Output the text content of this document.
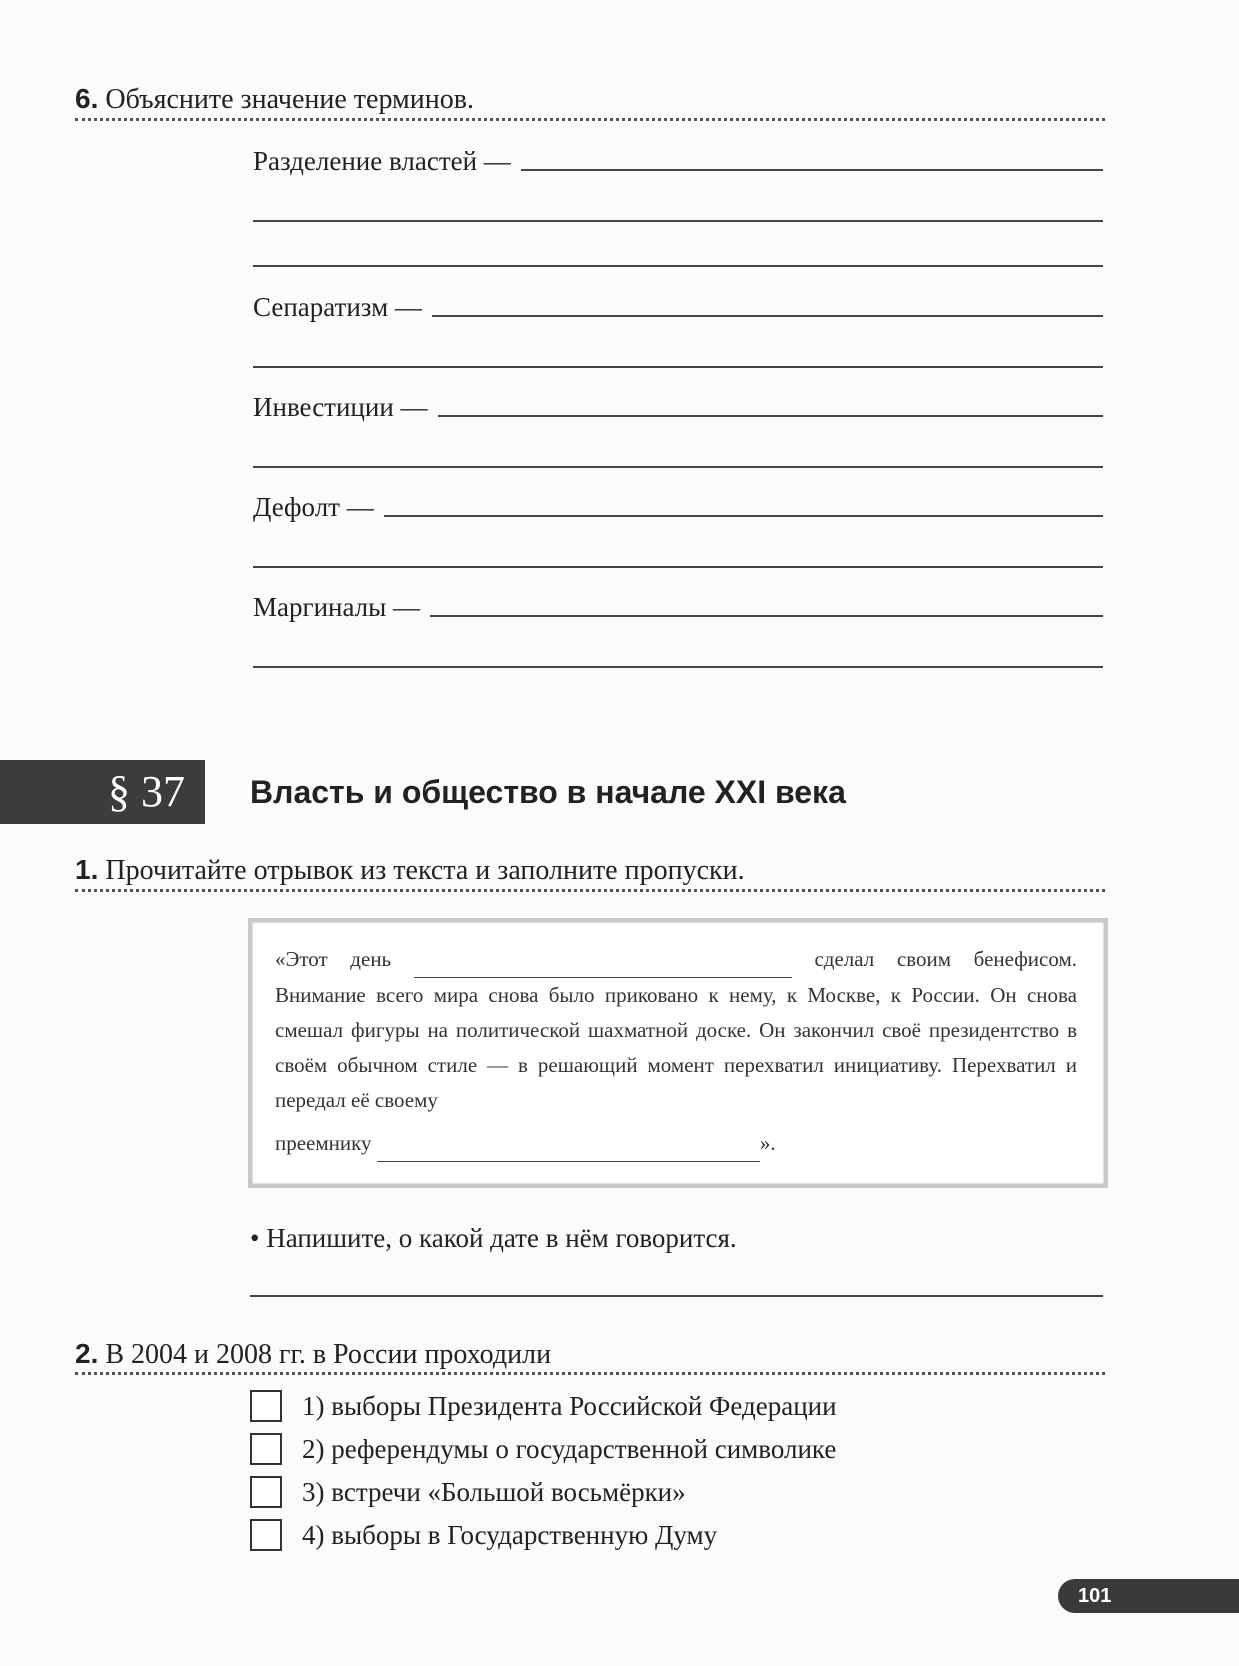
6. Объясните значение терминов.
Разделение властей —
Сепаратизм —
Инвестиции —
Дефолт —
Маргиналы —
§ 37	Власть и общество в начале XXI века
1. Прочитайте отрывок из текста и заполните пропуски.
«Этот день	сделал своим бенефисом. Внимание всего мира снова было приковано к нему, к Москве, к России. Он снова смешал фигуры на политической шахматной доске. Он закончил своё президентство в своём обычном стиле — в решающий момент перехватил инициативу. Перехватил и передал её своему
преемнику	».
• Напишите, о какой дате в нём говорится.
2. В 2004 и 2008 гг. в России проходили
1) выборы Президента Российской Федерации
2) референдумы о государственной символике
3) встречи «Большой восьмёрки»
4) выборы в Государственную Думу
101
